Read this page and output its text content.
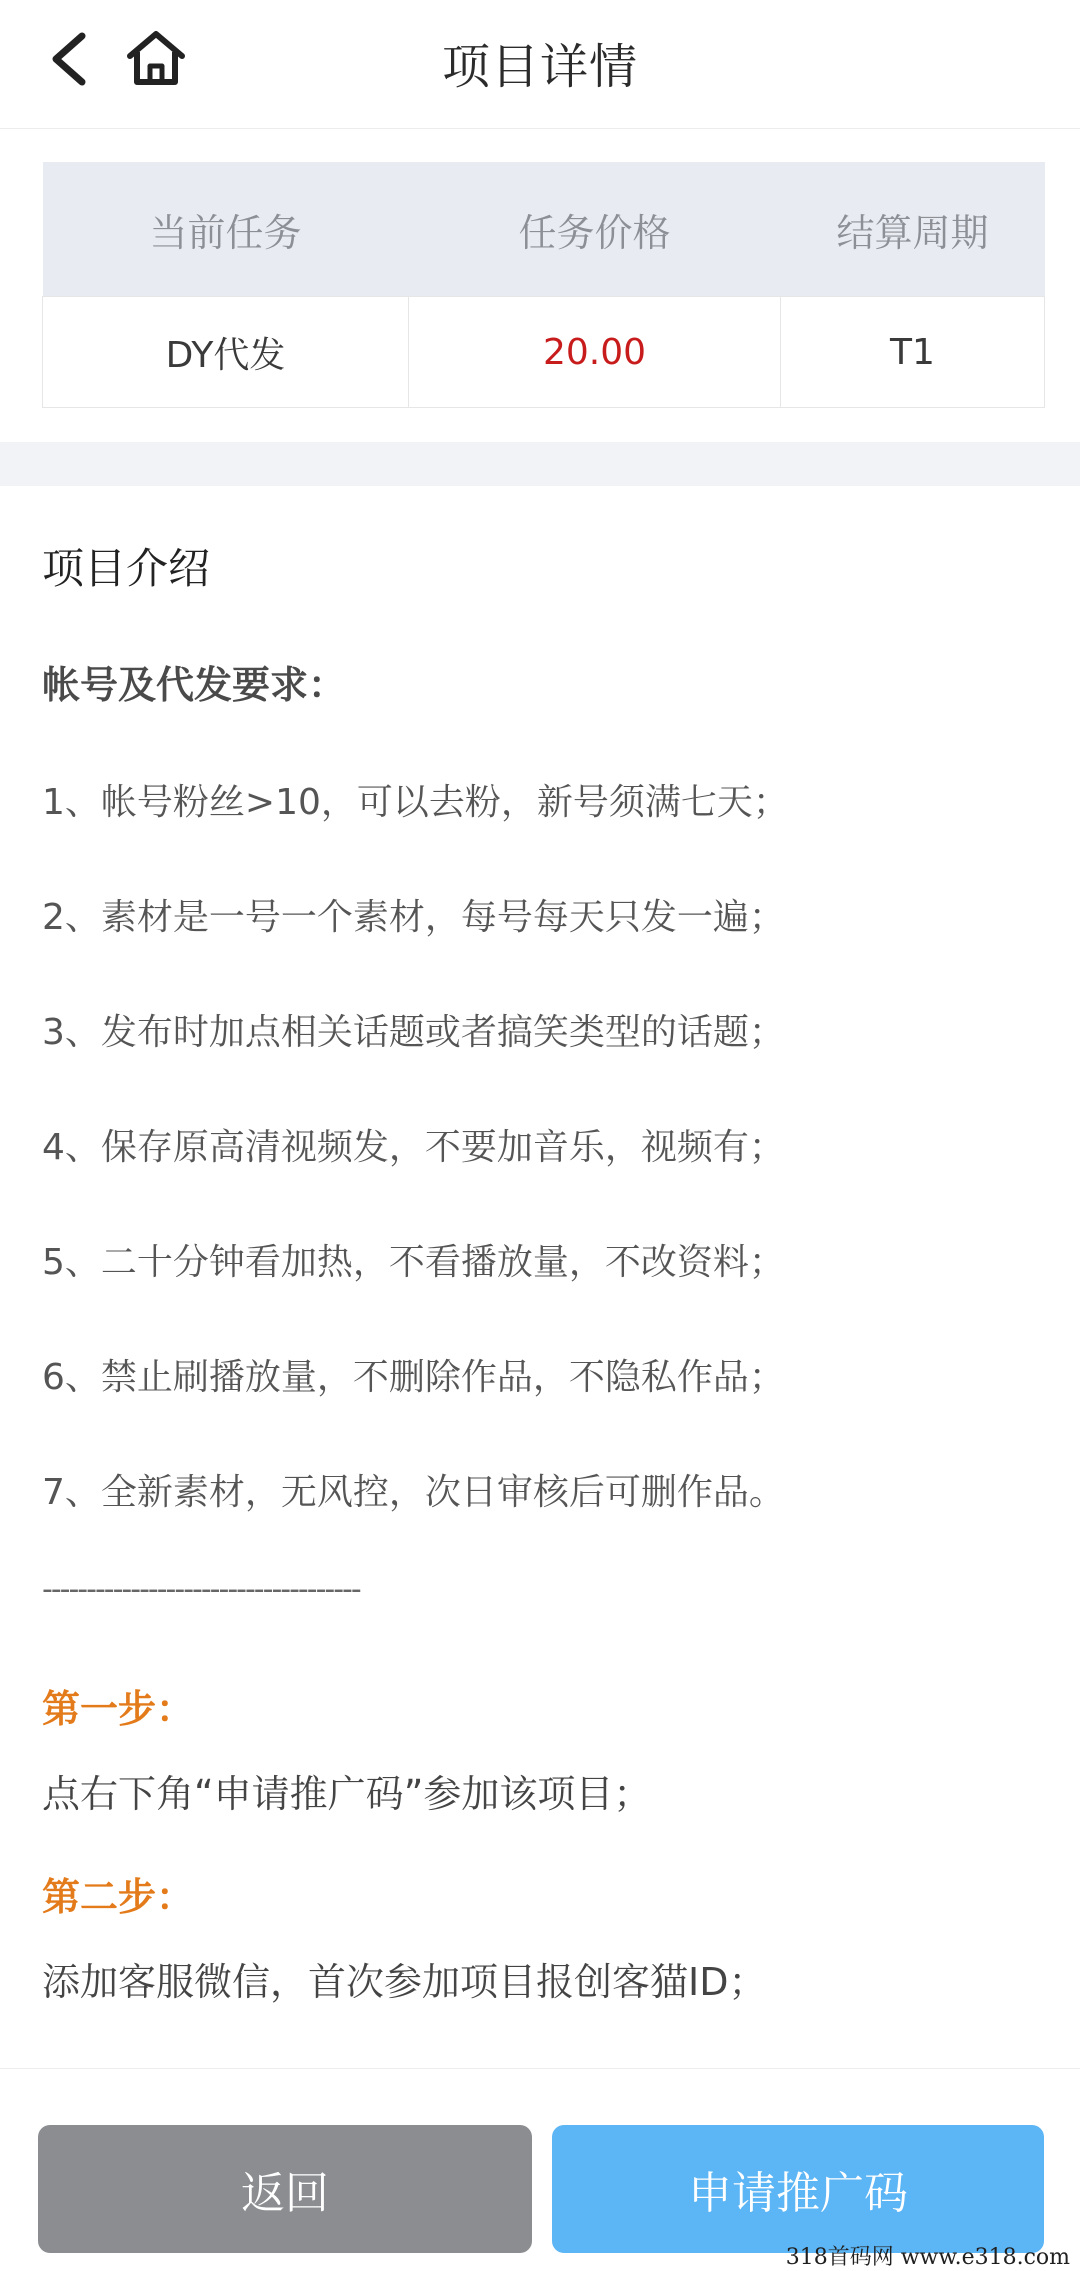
项目详情
当前任务	任务价格	结算周期
DY代发	20.00	T1
项目介绍
帐号及代发要求：
1、帐号粉丝>10，可以去粉，新号须满七天；
2、素材是一号一个素材，每号每天只发一遍；
3、发布时加点相关话题或者搞笑类型的话题；
4、保存原高清视频发，不要加音乐，视频有；
5、二十分钟看加热，不看播放量，不改资料；
6、禁止刷播放量，不删除作品，不隐私作品；
7、全新素材，无风控，次日审核后可删作品。
------------------------------------
第一步：
点右下角“申请推广码”参加该项目；
第二步：
添加客服微信，首次参加项目报创客猫ID；
返回	申请推广码
318首码网 www.e318.com
